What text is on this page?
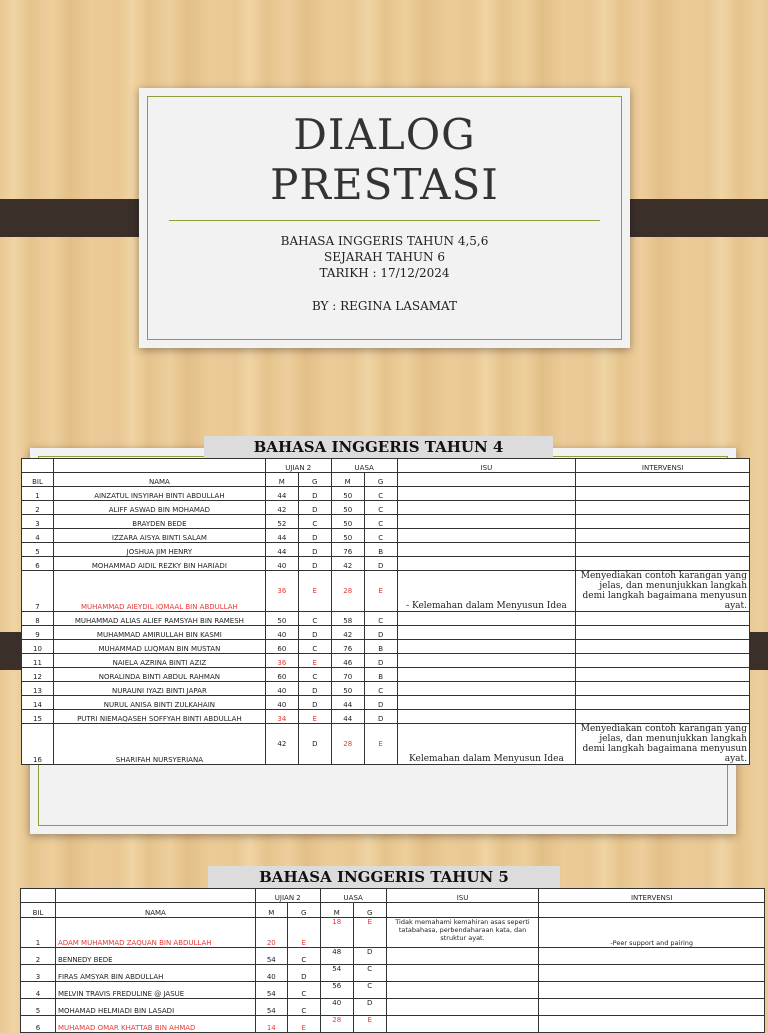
DIALOG
PRESTASI
BAHASA INGGERIS TAHUN 4,5,6
SEJARAH TAHUN 6
TARIKH : 17/12/2024
BY : REGINA LASAMAT
BAHASA INGGERIS TAHUN 4
		UJIAN 2		UASA		ISU	INTERVENSI
BIL	NAMA	M	G	M	G		
1	AINZATUL INSYIRAH BINTI ABDULLAH	44	D	50	C		
2	ALIFF ASWAD BIN MOHAMAD	42	D	50	C		
3	BRAYDEN BEDE	52	C	50	C		
4	IZZARA AISYA BINTI SALAM	44	D	50	C		
5	JOSHUA JIM HENRY	44	D	76	B		
6	MOHAMMAD AIDIL REZKY BIN HARIADI	40	D	42	D		
7	MUHAMMAD AIEYDIL IQMAAL BIN ABDULLAH	36	E	28	E	- Kelemahan dalam Menyusun Idea	Menyediakan contoh karangan yang jelas, dan menunjukkan langkah demi langkah bagaimana menyusun ayat.
8	MUHAMMAD ALIAS ALIEF RAMSYAH BIN RAMESH	50	C	58	C		
9	MUHAMMAD AMIRULLAH BIN KASMI	40	D	42	D		
10	MUHAMMAD LUQMAN BIN MUSTAN	60	C	76	B		
11	NAIELA AZRINA BINTI AZIZ	36	E	46	D		
12	NORALINDA BINTI ABDUL RAHMAN	60	C	70	B		
13	NURAUNI IYAZI BINTI JAPAR	40	D	50	C		
14	NURUL ANISA BINTI ZULKAHAIN	40	D	44	D		
15	PUTRI NIEMAQASEH SOFFYAH BINTI ABDULLAH	34	E	44	D		
16	SHARIFAH NURSYERIANA	42	D	28	E	Kelemahan dalam Menyusun Idea	Menyediakan contoh karangan yang jelas, dan menunjukkan langkah demi langkah bagaimana menyusun ayat.
BAHASA INGGERIS TAHUN 5
		UJIAN 2		UASA		ISU	INTERVENSI
BIL	NAMA	M	G	M	G		
1	ADAM MUHAMMAD ZAQUAN BIN ABDULLAH	20	E	18	E	Tidak memahami kemahiran asas seperti tatabahasa, perbendaharaan kata, dan struktur ayat.	-Peer support and pairing
2	BENNEDY BEDE	54	C	48	D		
3	FIRAS AMSYAR BIN ABDULLAH	40	D	54	C		
4	MELVIN TRAVIS FREDULINE @ JASUE	54	C	56	C		
5	MOHAMAD HELMIADI BIN LASADI	54	C	40	D		
6	MUHAMAD OMAR KHATTAB BIN AHMAD	14	E	28	E		
